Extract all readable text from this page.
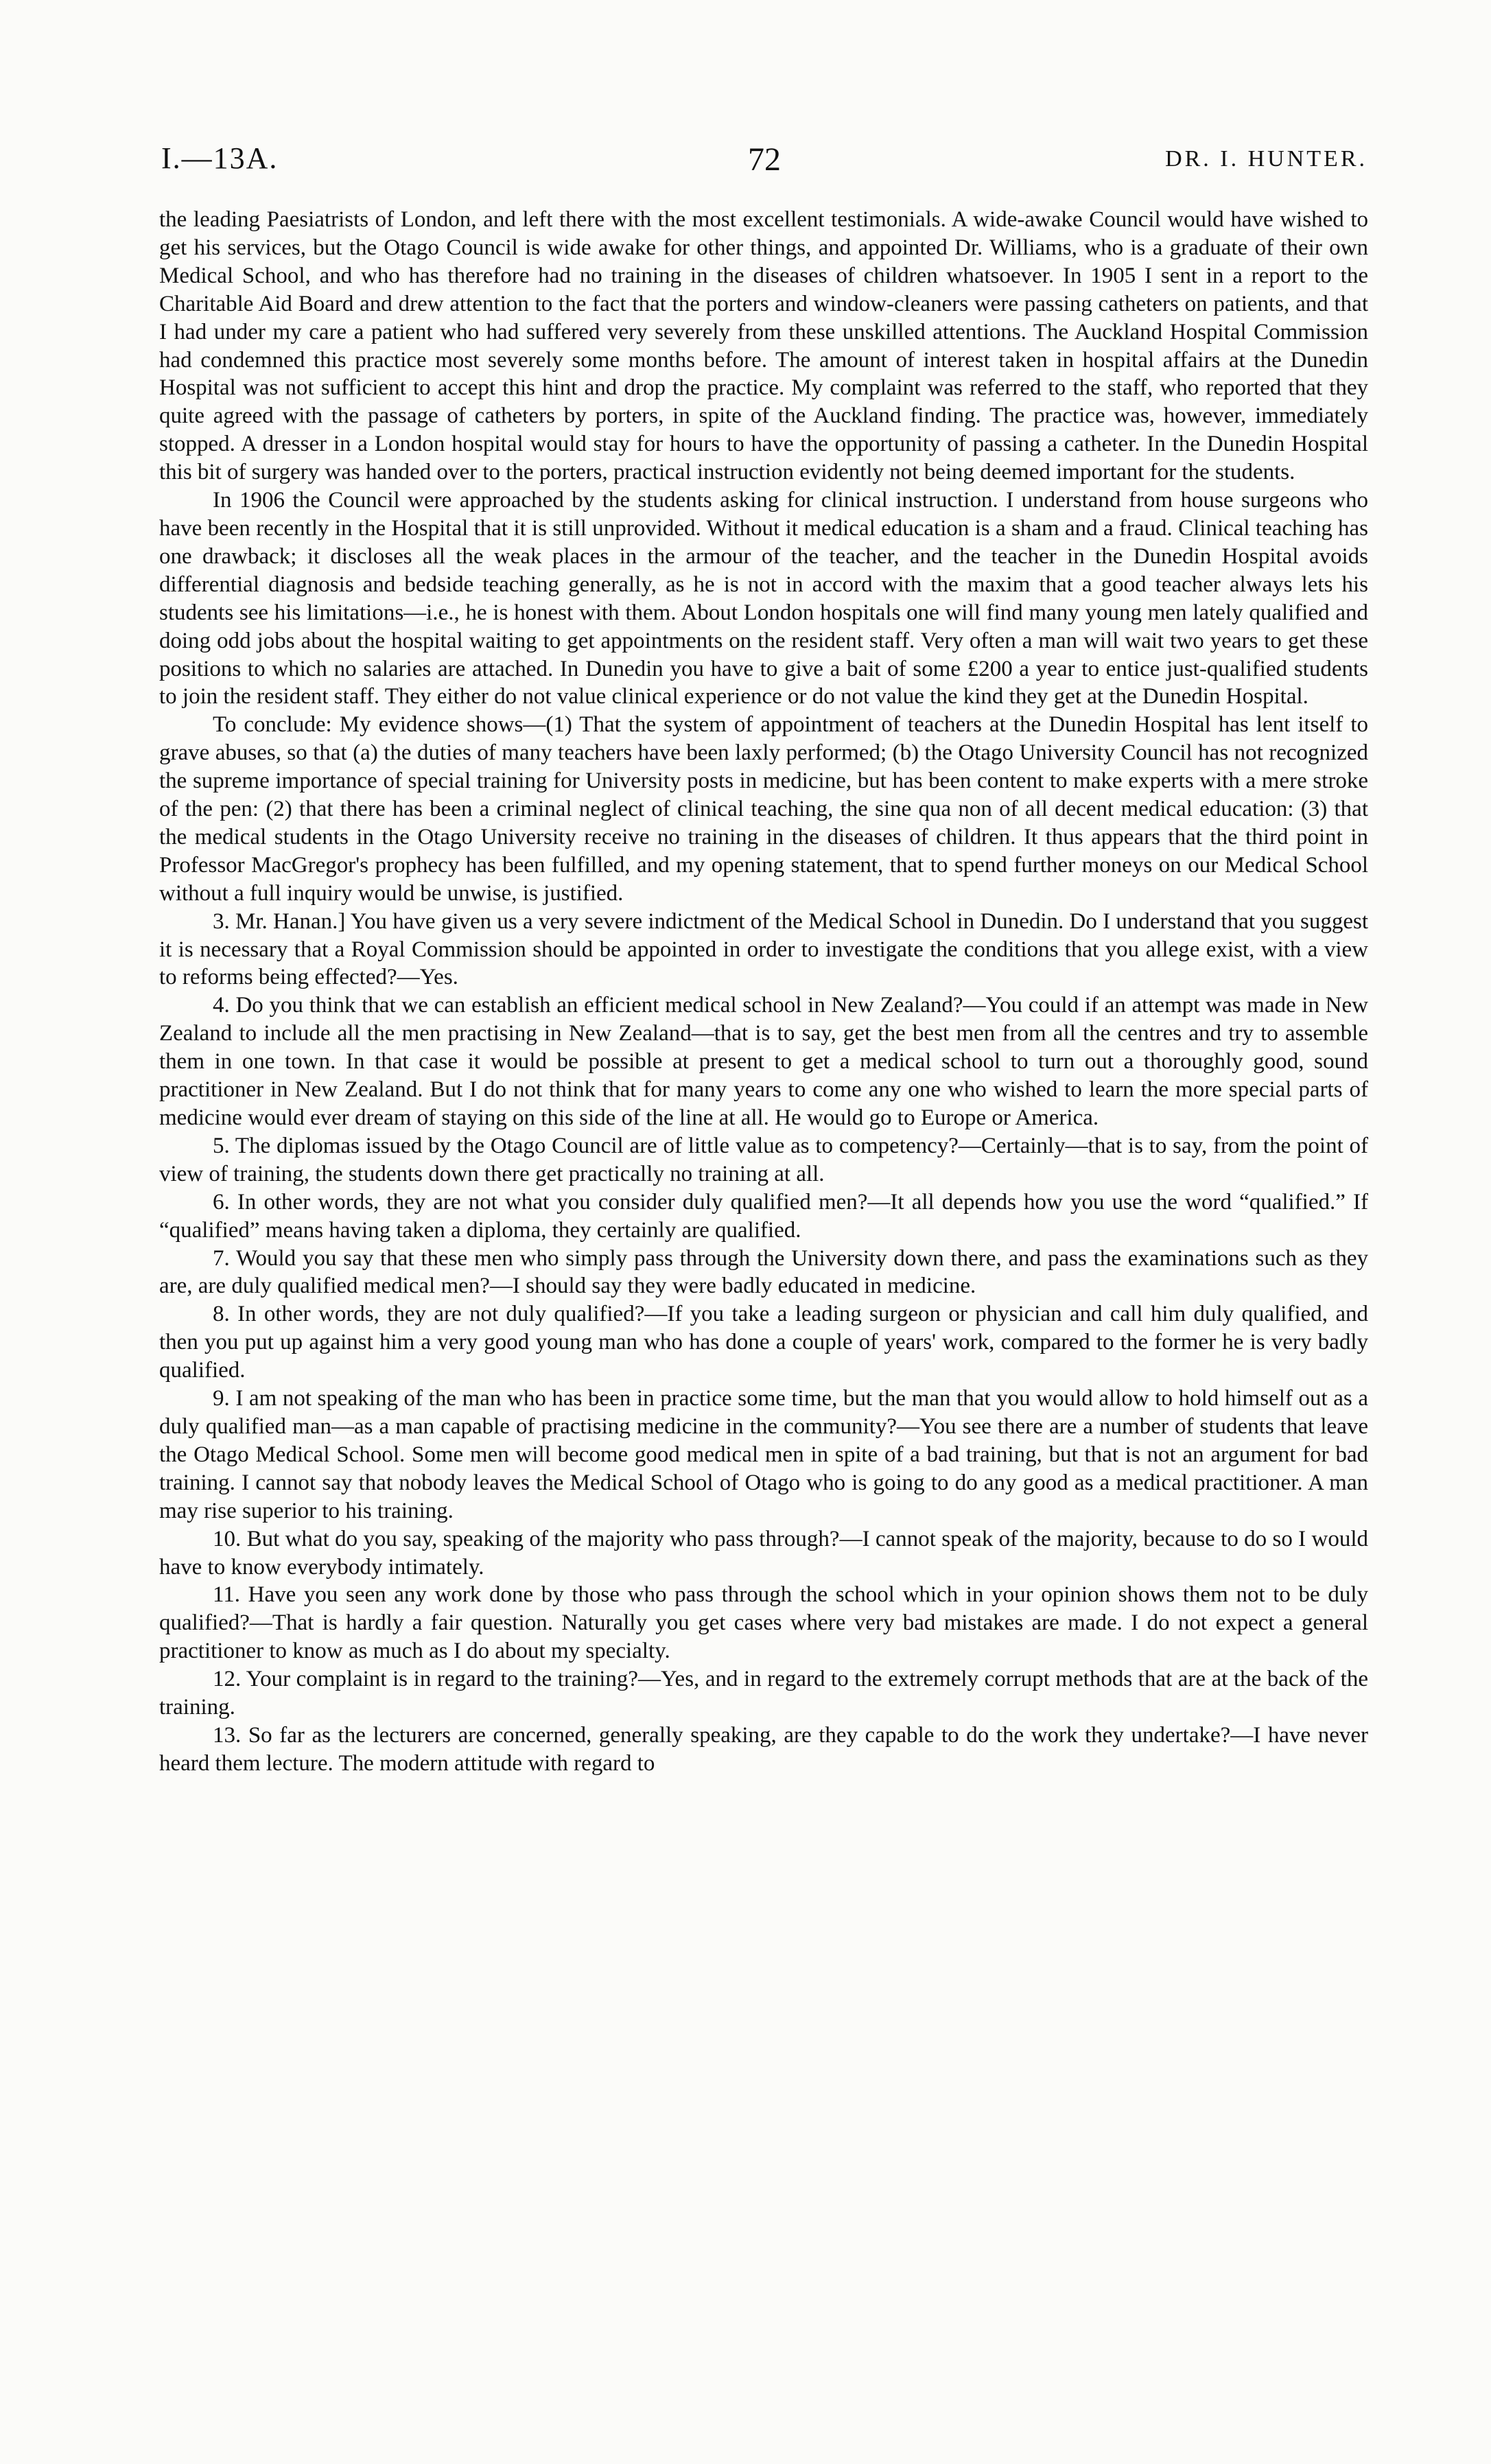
I.—13A.	72	DR. I. HUNTER.

the leading Paesiatrists of London, and left there with the most excellent testimonials. A wide-awake Council would have wished to get his services, but the Otago Council is wide awake for other things, and appointed Dr. Williams, who is a graduate of their own Medical School, and who has therefore had no training in the diseases of children whatsoever. In 1905 I sent in a report to the Charitable Aid Board and drew attention to the fact that the porters and window-cleaners were passing catheters on patients, and that I had under my care a patient who had suffered very severely from these unskilled attentions. The Auckland Hospital Commission had condemned this practice most severely some months before. The amount of interest taken in hospital affairs at the Dunedin Hospital was not sufficient to accept this hint and drop the practice. My complaint was referred to the staff, who reported that they quite agreed with the passage of catheters by porters, in spite of the Auckland finding. The practice was, however, immediately stopped. A dresser in a London hospital would stay for hours to have the opportunity of passing a catheter. In the Dunedin Hospital this bit of surgery was handed over to the porters, practical instruction evidently not being deemed important for the students.

In 1906 the Council were approached by the students asking for clinical instruction. I understand from house surgeons who have been recently in the Hospital that it is still unprovided. Without it medical education is a sham and a fraud. Clinical teaching has one drawback; it discloses all the weak places in the armour of the teacher, and the teacher in the Dunedin Hospital avoids differential diagnosis and bedside teaching generally, as he is not in accord with the maxim that a good teacher always lets his students see his limitations—i.e., he is honest with them. About London hospitals one will find many young men lately qualified and doing odd jobs about the hospital waiting to get appointments on the resident staff. Very often a man will wait two years to get these positions to which no salaries are attached. In Dunedin you have to give a bait of some £200 a year to entice just-qualified students to join the resident staff. They either do not value clinical experience or do not value the kind they get at the Dunedin Hospital.

To conclude: My evidence shows—(1) That the system of appointment of teachers at the Dunedin Hospital has lent itself to grave abuses, so that (a) the duties of many teachers have been laxly performed; (b) the Otago University Council has not recognized the supreme importance of special training for University posts in medicine, but has been content to make experts with a mere stroke of the pen: (2) that there has been a criminal neglect of clinical teaching, the sine qua non of all decent medical education: (3) that the medical students in the Otago University receive no training in the diseases of children. It thus appears that the third point in Professor MacGregor's prophecy has been fulfilled, and my opening statement, that to spend further moneys on our Medical School without a full inquiry would be unwise, is justified.

3. Mr. Hanan.] You have given us a very severe indictment of the Medical School in Dunedin. Do I understand that you suggest it is necessary that a Royal Commission should be appointed in order to investigate the conditions that you allege exist, with a view to reforms being effected?—Yes.

4. Do you think that we can establish an efficient medical school in New Zealand?—You could if an attempt was made in New Zealand to include all the men practising in New Zealand—that is to say, get the best men from all the centres and try to assemble them in one town. In that case it would be possible at present to get a medical school to turn out a thoroughly good, sound practitioner in New Zealand. But I do not think that for many years to come any one who wished to learn the more special parts of medicine would ever dream of staying on this side of the line at all. He would go to Europe or America.

5. The diplomas issued by the Otago Council are of little value as to competency?—Certainly—that is to say, from the point of view of training, the students down there get practically no training at all.

6. In other words, they are not what you consider duly qualified men?—It all depends how you use the word “qualified.” If “qualified” means having taken a diploma, they certainly are qualified.

7. Would you say that these men who simply pass through the University down there, and pass the examinations such as they are, are duly qualified medical men?—I should say they were badly educated in medicine.

8. In other words, they are not duly qualified?—If you take a leading surgeon or physician and call him duly qualified, and then you put up against him a very good young man who has done a couple of years' work, compared to the former he is very badly qualified.

9. I am not speaking of the man who has been in practice some time, but the man that you would allow to hold himself out as a duly qualified man—as a man capable of practising medicine in the community?—You see there are a number of students that leave the Otago Medical School. Some men will become good medical men in spite of a bad training, but that is not an argument for bad training. I cannot say that nobody leaves the Medical School of Otago who is going to do any good as a medical practitioner. A man may rise superior to his training.

10. But what do you say, speaking of the majority who pass through?—I cannot speak of the majority, because to do so I would have to know everybody intimately.

11. Have you seen any work done by those who pass through the school which in your opinion shows them not to be duly qualified?—That is hardly a fair question. Naturally you get cases where very bad mistakes are made. I do not expect a general practitioner to know as much as I do about my specialty.

12. Your complaint is in regard to the training?—Yes, and in regard to the extremely corrupt methods that are at the back of the training.

13. So far as the lecturers are concerned, generally speaking, are they capable to do the work they undertake?—I have never heard them lecture. The modern attitude with regard to
